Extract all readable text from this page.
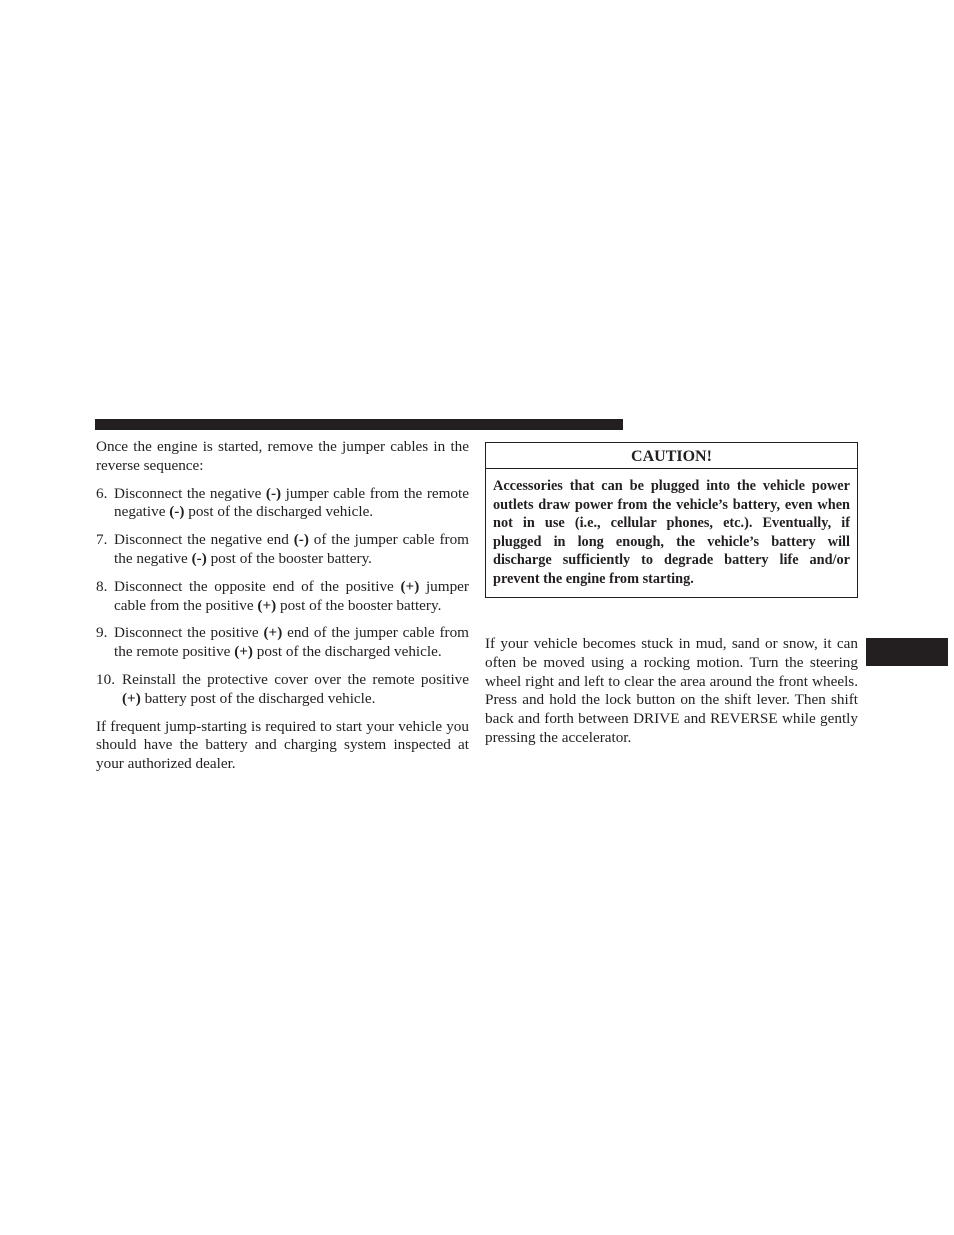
Once the engine is started, remove the jumper cables in the reverse sequence:

6. Disconnect the negative (-) jumper cable from the remote negative (-) post of the discharged vehicle.
7. Disconnect the negative end (-) of the jumper cable from the negative (-) post of the booster battery.
8. Disconnect the opposite end of the positive (+) jumper cable from the positive (+) post of the booster battery.
9. Disconnect the positive (+) end of the jumper cable from the remote positive (+) post of the discharged vehicle.
10. Reinstall the protective cover over the remote positive (+) battery post of the discharged vehicle.

If frequent jump-starting is required to start your vehicle you should have the battery and charging system inspected at your authorized dealer.

CAUTION!
Accessories that can be plugged into the vehicle power outlets draw power from the vehicle’s battery, even when not in use (i.e., cellular phones, etc.). Eventually, if plugged in long enough, the vehicle’s battery will discharge sufficiently to degrade battery life and/or prevent the engine from starting.

If your vehicle becomes stuck in mud, sand or snow, it can often be moved using a rocking motion. Turn the steering wheel right and left to clear the area around the front wheels. Press and hold the lock button on the shift lever. Then shift back and forth between DRIVE and REVERSE while gently pressing the accelerator.
